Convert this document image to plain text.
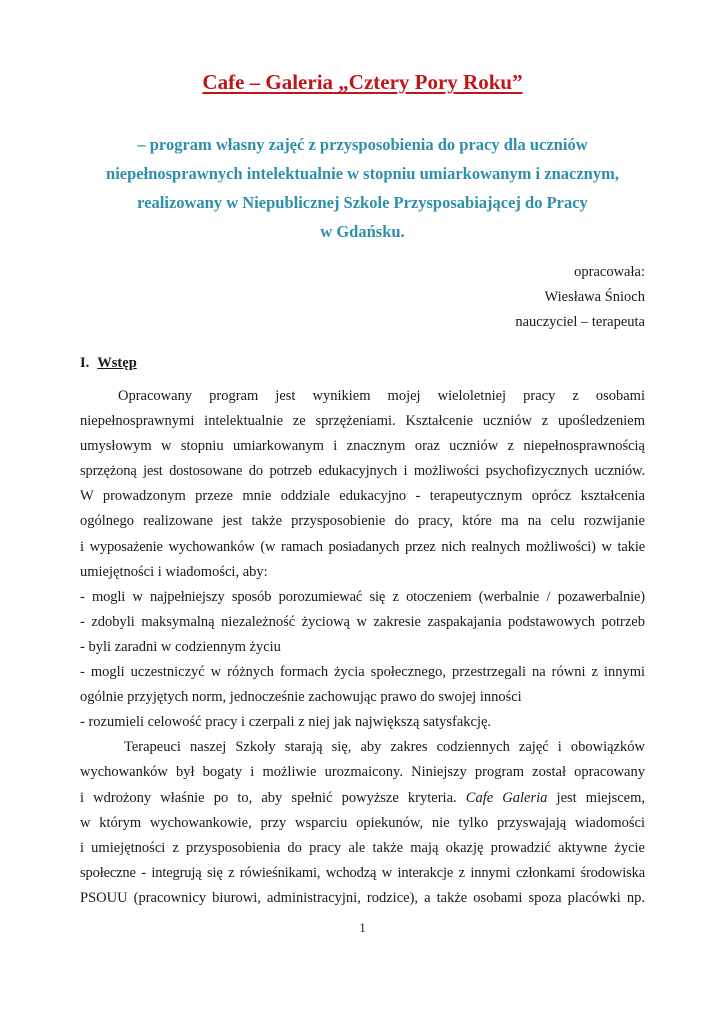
Cafe – Galeria „Cztery Pory Roku”
– program własny zajęć z przysposobienia do pracy dla uczniów
niepełnosprawnych intelektualnie w stopniu umiarkowanym i znacznym,
realizowany w Niepublicznej Szkole Przysposabiającej do Pracy
w Gdańsku.
opracowała:
Wiesława Śnioch
nauczyciel – terapeuta
I. Wstęp
Opracowany program jest wynikiem mojej wieloletniej pracy z osobami
niepełnosprawnymi intelektualnie ze sprzężeniami. Kształcenie uczniów z upośledzeniem
umysłowym w stopniu umiarkowanym i znacznym oraz uczniów z niepełnosprawnością
sprzężoną jest dostosowane do potrzeb edukacyjnych i możliwości psychofizycznych uczniów.
W prowadzonym przeze mnie oddziale edukacyjno - terapeutycznym oprócz kształcenia
ogólnego realizowane jest także przysposobienie do pracy, które ma na celu rozwijanie
i wyposażenie wychowanków (w ramach posiadanych przez nich realnych możliwości) w takie
umiejętności i wiadomości, aby:
- mogli w najpełniejszy sposób porozumiewać się z otoczeniem (werbalnie / pozawerbalnie)
- zdobyli maksymalną niezależność życiową w zakresie zaspakajania podstawowych potrzeb
- byli zaradni w codziennym życiu
- mogli uczestniczyć w różnych formach życia społecznego, przestrzegali na równi z innymi
ogólnie przyjętych norm, jednocześnie zachowując prawo do swojej inności
- rozumieli celowość pracy i czerpali z niej jak największą satysfakcję.
Terapeuci naszej Szkoły starają się, aby zakres codziennych zajęć i obowiązków
wychowanków był bogaty i możliwie urozmaicony. Niniejszy program został opracowany
i wdrożony właśnie po to, aby spełnić powyższe kryteria. Cafe Galeria jest miejscem,
w którym wychowankowie, przy wsparciu opiekunów, nie tylko przyswajają wiadomości
i umiejętności z przysposobienia do pracy ale także mają okazję prowadzić aktywne życie
społeczne - integrują się z rówieśnikami, wchodzą w interakcje z innymi członkami środowiska
PSOUU (pracownicy biurowi, administracyjni, rodzice), a także osobami spoza placówki np.
1
